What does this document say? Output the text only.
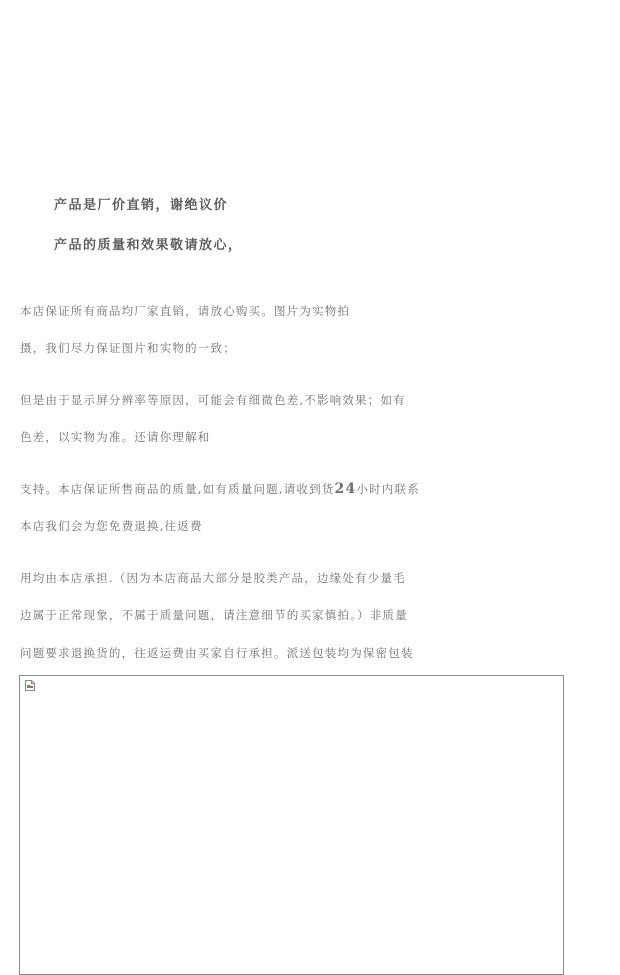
产品是厂价直销，谢绝议价
产品的质量和效果敬请放心，
本店保证所有商品均厂家直销，请放心购买。图片为实物拍
摄，我们尽力保证图片和实物的一致；
但是由于显示屏分辨率等原因，可能会有细微色差,不影响效果；如有
色差，以实物为准。还请你理解和
支持。本店保证所售商品的质量,如有质量问题,请收到货24小时内联系
本店我们会为您免费退换,往返费
用均由本店承担.（因为本店商品大部分是胶类产品，边缘处有少量毛
边属于正常现象，不属于质量问题，请注意细节的买家慎拍。）非质量
问题要求退换货的，往返运费由买家自行承担。派送包装均为保密包装
